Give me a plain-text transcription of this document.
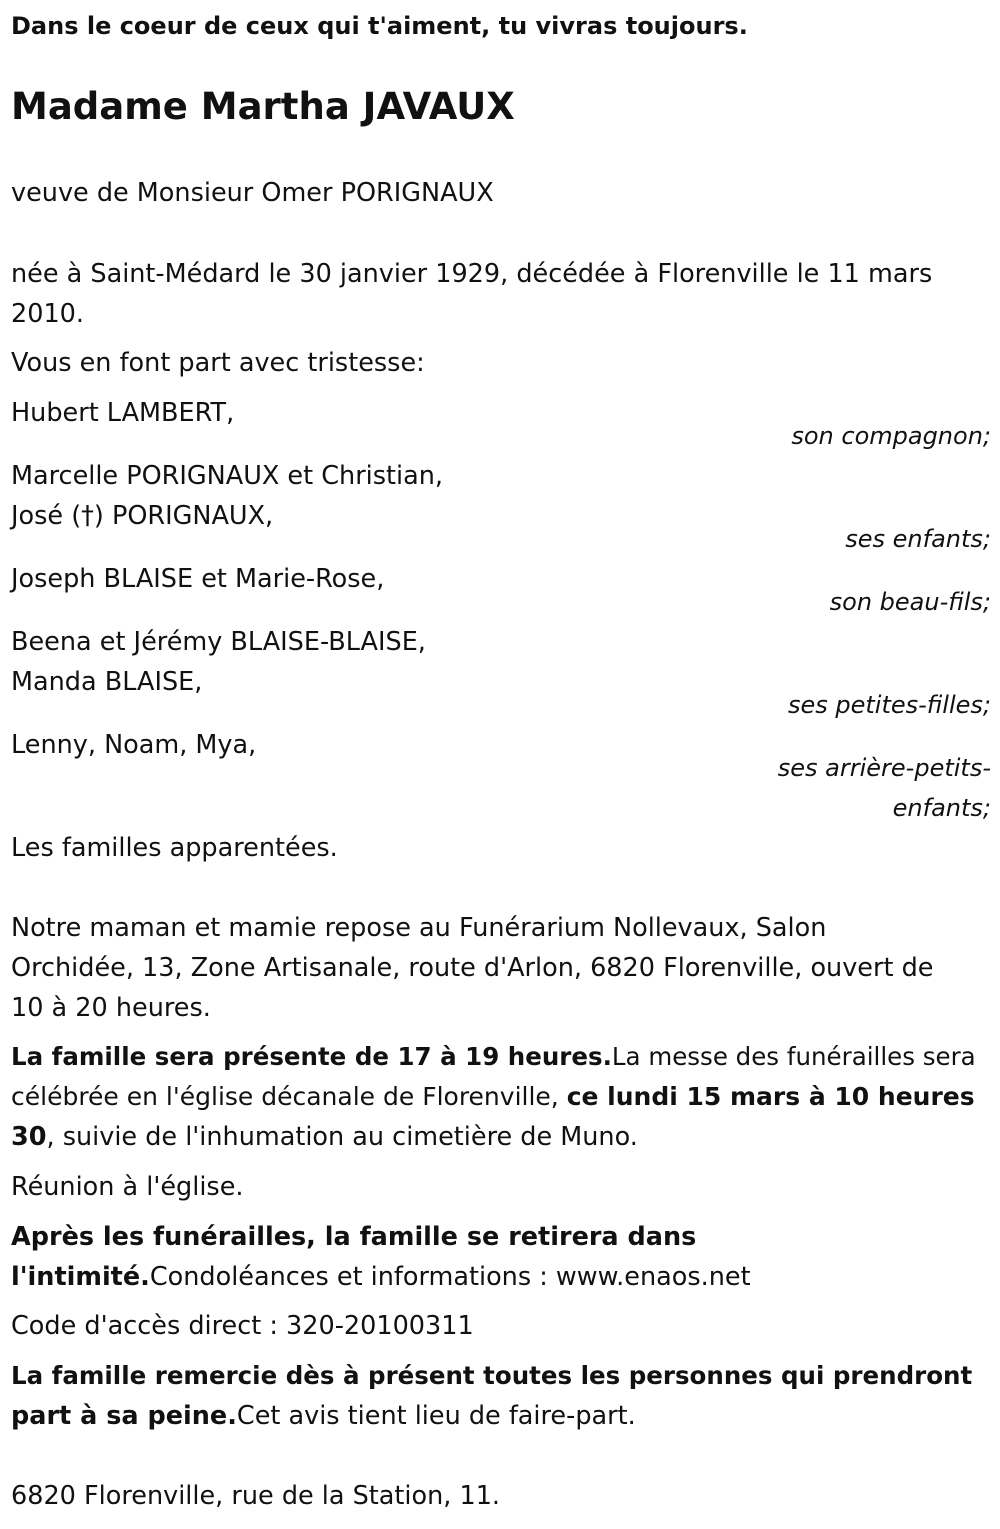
Dans le coeur de ceux qui t'aiment, tu vivras toujours.

Madame Martha JAVAUX

veuve de Monsieur Omer PORIGNAUX

née à Saint-Médard le 30 janvier 1929, décédée à Florenville le 11 mars

2010.

Vous en font part avec tristesse:

Hubert LAMBERT,

son compagnon;

Marcelle PORIGNAUX et Christian,

José (†) PORIGNAUX,

ses enfants;

Joseph BLAISE et Marie-Rose,

son beau-fils;

Beena et Jérémy BLAISE-BLAISE,

Manda BLAISE,

ses petites-filles;

Lenny, Noam, Mya,

ses arrière-petits-

enfants;

Les familles apparentées.

Notre maman et mamie repose au Funérarium Nollevaux, Salon

Orchidée, 13, Zone Artisanale, route d'Arlon, 6820 Florenville, ouvert de

10 à 20 heures.

La famille sera présente de 17 à 19 heures.La messe des funérailles sera

célébrée en l'église décanale de Florenville, ce lundi 15 mars à 10 heures

30, suivie de l'inhumation au cimetière de Muno.

Réunion à l'église.

Après les funérailles, la famille se retirera dans

l'intimité.Condoléances et informations : www.enaos.net

Code d'accès direct : 320-20100311

La famille remercie dès à présent toutes les personnes qui prendront

part à sa peine.Cet avis tient lieu de faire-part.

6820 Florenville, rue de la Station, 11.
